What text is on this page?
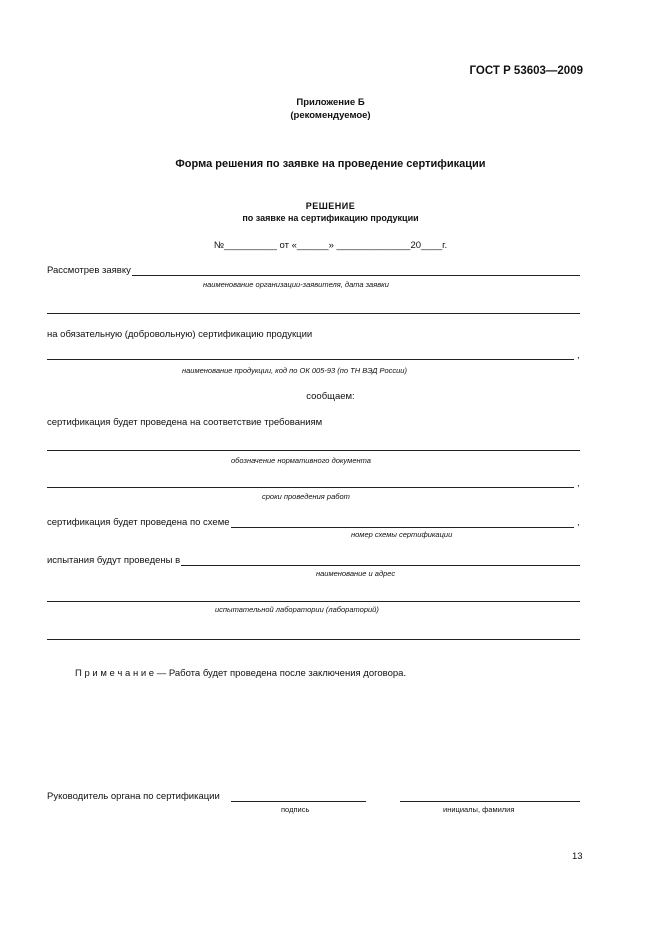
ГОСТ Р 53603—2009
Приложение Б
(рекомендуемое)
Форма решения по заявке на проведение сертификации
РЕШЕНИЕ
по заявке на сертификацию продукции
№__________ от «______» ______________20____г.
Рассмотрев заявку
наименование организации-заявителя, дата заявки
на обязательную (добровольную) сертификацию продукции
,
наименование продукции, код по ОК 005-93 (по ТН ВЭД России)
сообщаем:
сертификация будет проведена на соответствие требованиям
обозначение нормативного документа
,
сроки проведения работ
сертификация будет проведена по схеме	,
номер схемы сертификации
испытания будут проведены в
наименование и адрес
испытательной лаборатории (лабораторий)
П р и м е ч а н и е — Работа будет проведена после заключения договора.
Руководитель органа по сертификации
подпись	инициалы, фамилия
13
